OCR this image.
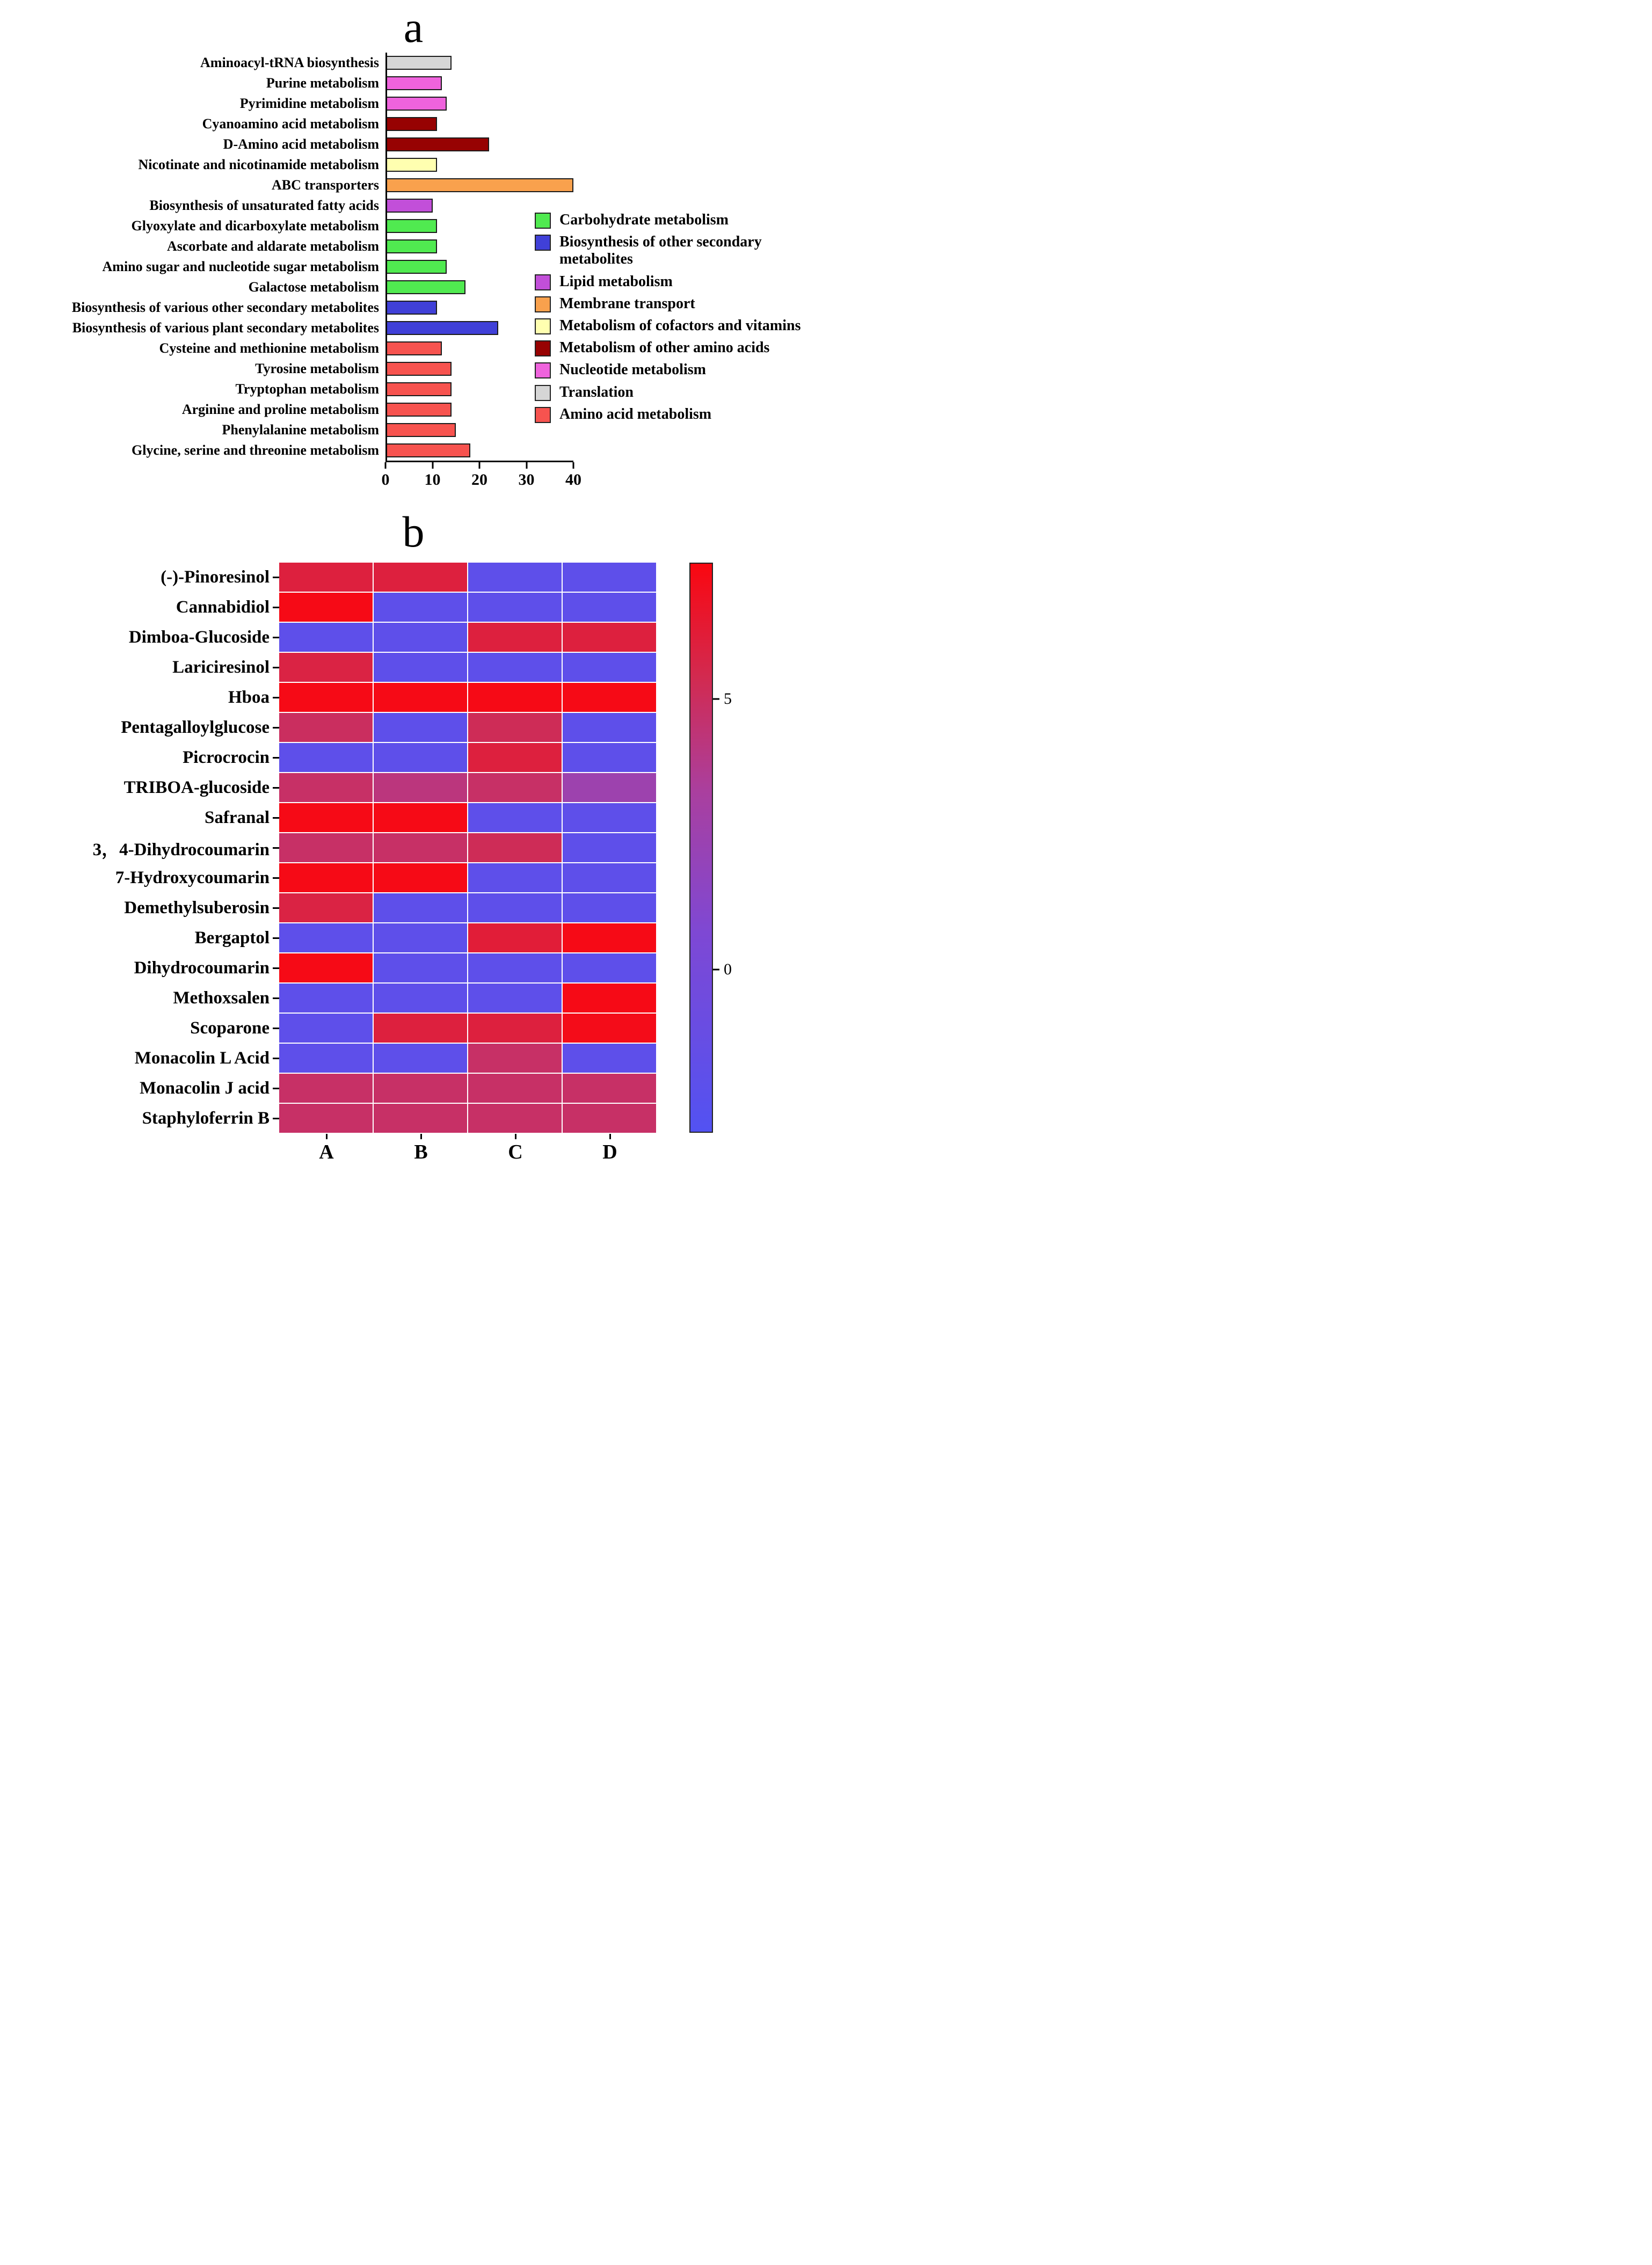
a
Aminoacyl-tRNA biosynthesis
Purine metabolism
Pyrimidine metabolism
Cyanoamino acid metabolism
D-Amino acid metabolism
Nicotinate and nicotinamide metabolism
ABC transporters
Biosynthesis of unsaturated fatty acids
Glyoxylate and dicarboxylate metabolism
Ascorbate and aldarate metabolism
Amino sugar and nucleotide sugar metabolism
Galactose metabolism
Biosynthesis of various other secondary metabolites
Biosynthesis of various plant secondary metabolites
Cysteine and methionine metabolism
Tyrosine metabolism
Tryptophan metabolism
Arginine and proline metabolism
Phenylalanine metabolism
Glycine, serine and threonine metabolism
0 10 20 30 40
Carbohydrate metabolism
Biosynthesis of other secondary metabolites
Lipid metabolism
Membrane transport
Metabolism of cofactors and vitamins
Metabolism of other amino acids
Nucleotide metabolism
Translation
Amino acid metabolism
b
(-)-Pinoresinol
Cannabidiol
Dimboa-Glucoside
Lariciresinol
Hboa
Pentagalloylglucose
Picrocrocin
TRIBOA-glucoside
Safranal
3，4-Dihydrocoumarin
7-Hydroxycoumarin
Demethylsuberosin
Bergaptol
Dihydrocoumarin
Methoxsalen
Scoparone
Monacolin L Acid
Monacolin J acid
Staphyloferrin B
5
0
A	B	C	D
